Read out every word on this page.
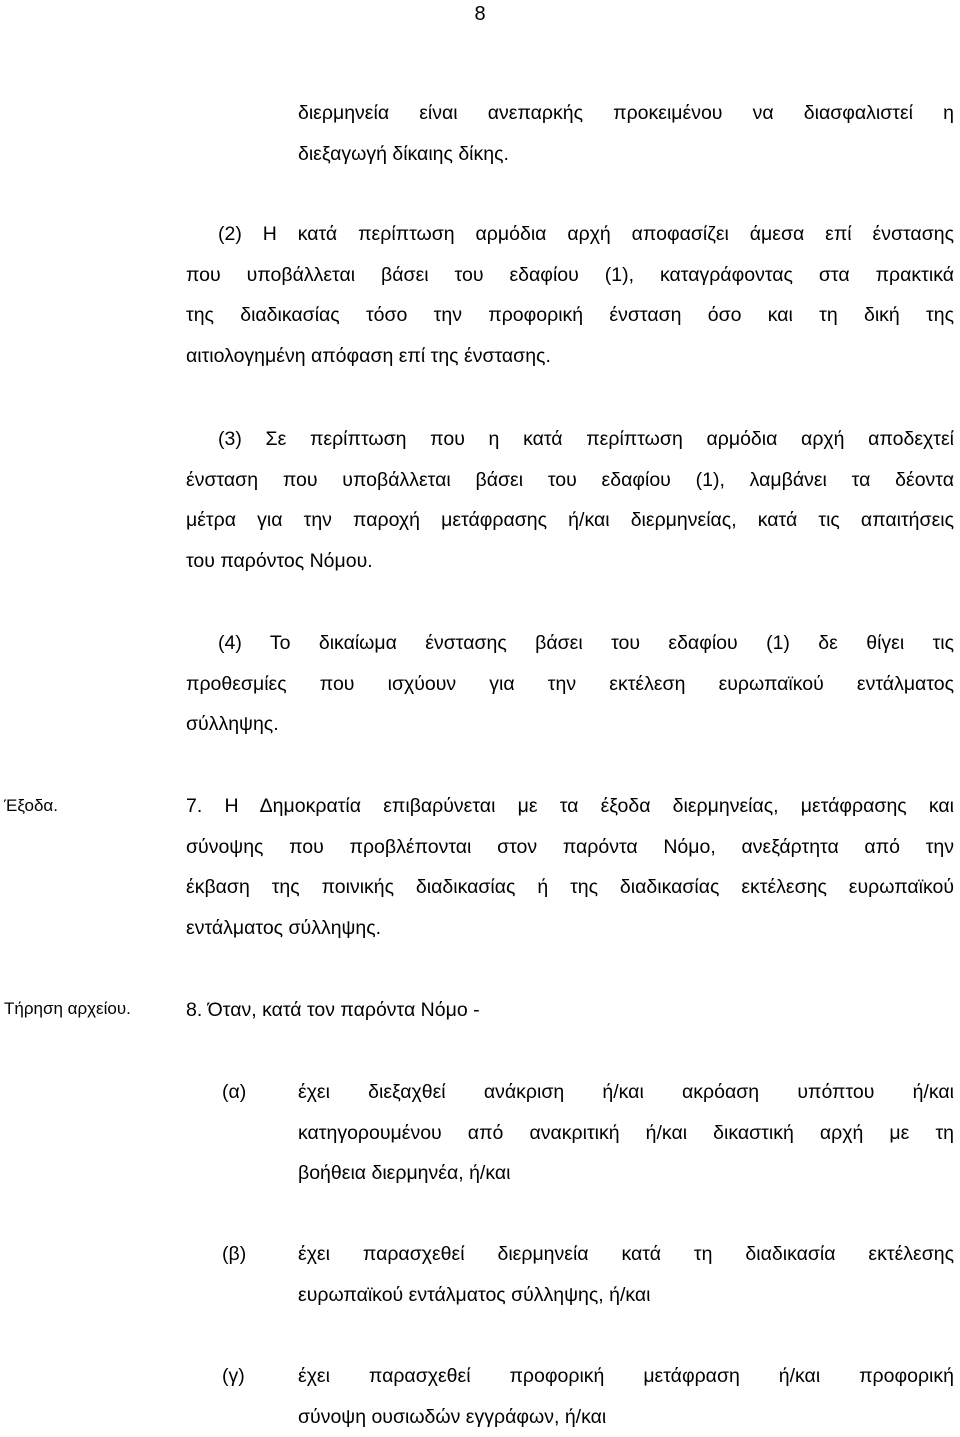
8
διερμηνεία είναι ανεπαρκής προκειμένου να διασφαλιστεί η
διεξαγωγή δίκαιης δίκης.
(2) Η κατά περίπτωση αρμόδια αρχή αποφασίζει άμεσα επί ένστασης
που υποβάλλεται βάσει του εδαφίου (1), καταγράφοντας στα πρακτικά
της διαδικασίας τόσο την προφορική ένσταση όσο και τη δική της
αιτιολογημένη απόφαση επί της ένστασης.
(3) Σε περίπτωση που η κατά περίπτωση αρμόδια αρχή αποδεχτεί
ένσταση που υποβάλλεται βάσει του εδαφίου (1), λαμβάνει τα δέοντα
μέτρα για την παροχή μετάφρασης ή/και διερμηνείας, κατά τις απαιτήσεις
του παρόντος Νόμου.
(4) Το δικαίωμα ένστασης βάσει του εδαφίου (1) δε θίγει τις
προθεσμίες που ισχύουν για την εκτέλεση ευρωπαϊκού εντάλματος
σύλληψης.
Έξοδα.	7. Η Δημοκρατία επιβαρύνεται με τα έξοδα διερμηνείας, μετάφρασης και
σύνοψης που προβλέπονται στον παρόντα Νόμο, ανεξάρτητα από την
έκβαση της ποινικής διαδικασίας ή της διαδικασίας εκτέλεσης ευρωπαϊκού
εντάλματος σύλληψης.
Τήρηση αρχείου.	8. Όταν, κατά τον παρόντα Νόμο -
(α)	έχει διεξαχθεί ανάκριση ή/και ακρόαση υπόπτου ή/και
κατηγορουμένου από ανακριτική ή/και δικαστική αρχή με τη
βοήθεια διερμηνέα, ή/και
(β)	έχει παρασχεθεί διερμηνεία κατά τη διαδικασία εκτέλεσης
ευρωπαϊκού εντάλματος σύλληψης, ή/και
(γ)	έχει παρασχεθεί προφορική μετάφραση ή/και προφορική
σύνοψη ουσιωδών εγγράφων, ή/και
